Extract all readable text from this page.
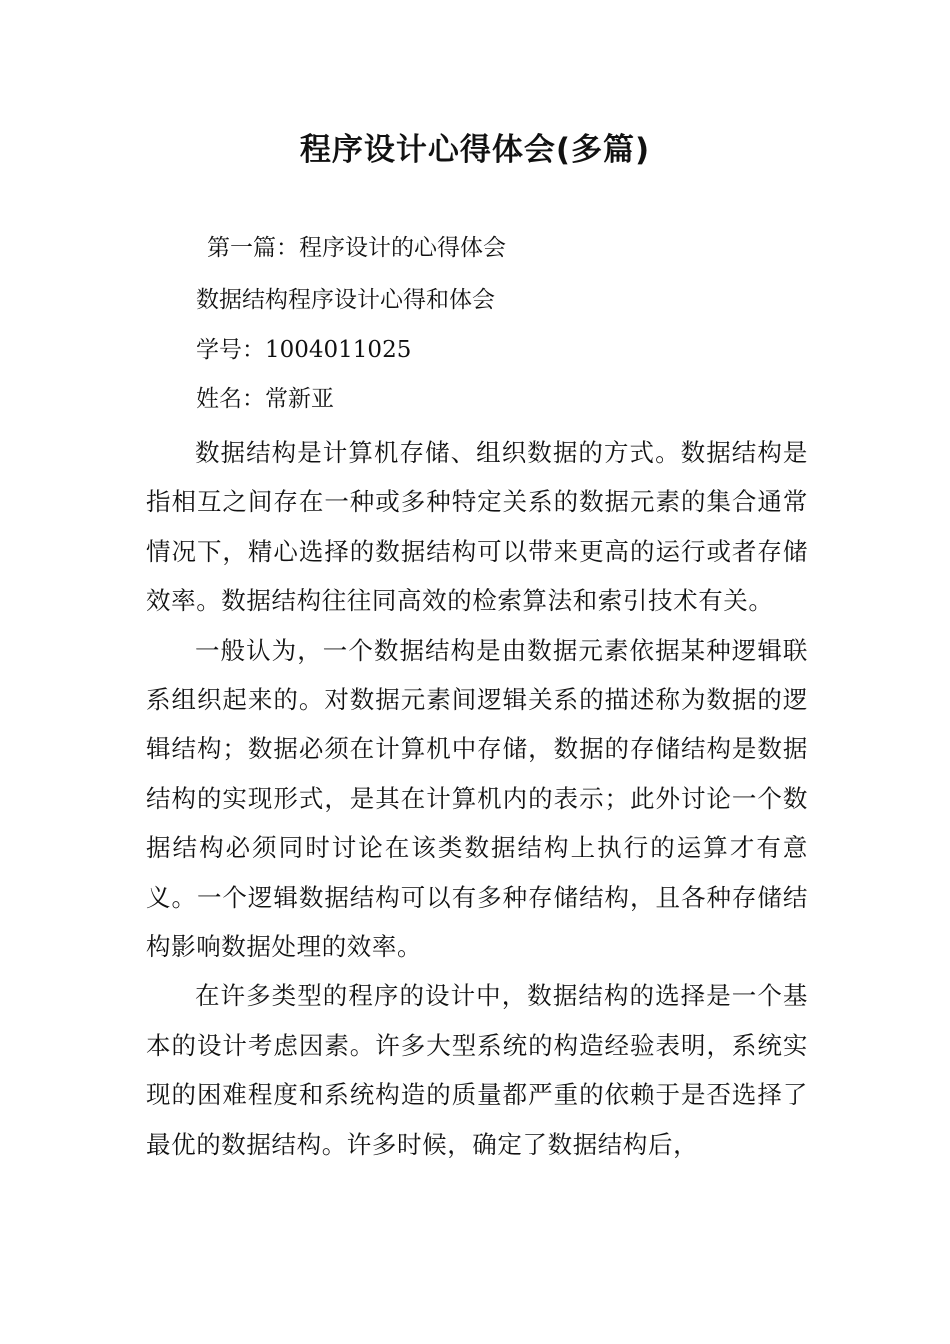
程序设计心得体会(多篇)

第一篇：程序设计的心得体会

数据结构程序设计心得和体会

学号：1004011025

姓名：常新亚

数据结构是计算机存储、组织数据的方式。数据结构是指相互之间存在一种或多种特定关系的数据元素的集合通常情况下，精心选择的数据结构可以带来更高的运行或者存储效率。数据结构往往同高效的检索算法和索引技术有关。

一般认为，一个数据结构是由数据元素依据某种逻辑联系组织起来的。对数据元素间逻辑关系的描述称为数据的逻辑结构；数据必须在计算机中存储，数据的存储结构是数据结构的实现形式，是其在计算机内的表示；此外讨论一个数据结构必须同时讨论在该类数据结构上执行的运算才有意义。一个逻辑数据结构可以有多种存储结构，且各种存储结构影响数据处理的效率。

在许多类型的程序的设计中，数据结构的选择是一个基本的设计考虑因素。许多大型系统的构造经验表明，系统实现的困难程度和系统构造的质量都严重的依赖于是否选择了最优的数据结构。许多时候，确定了数据结构后，
